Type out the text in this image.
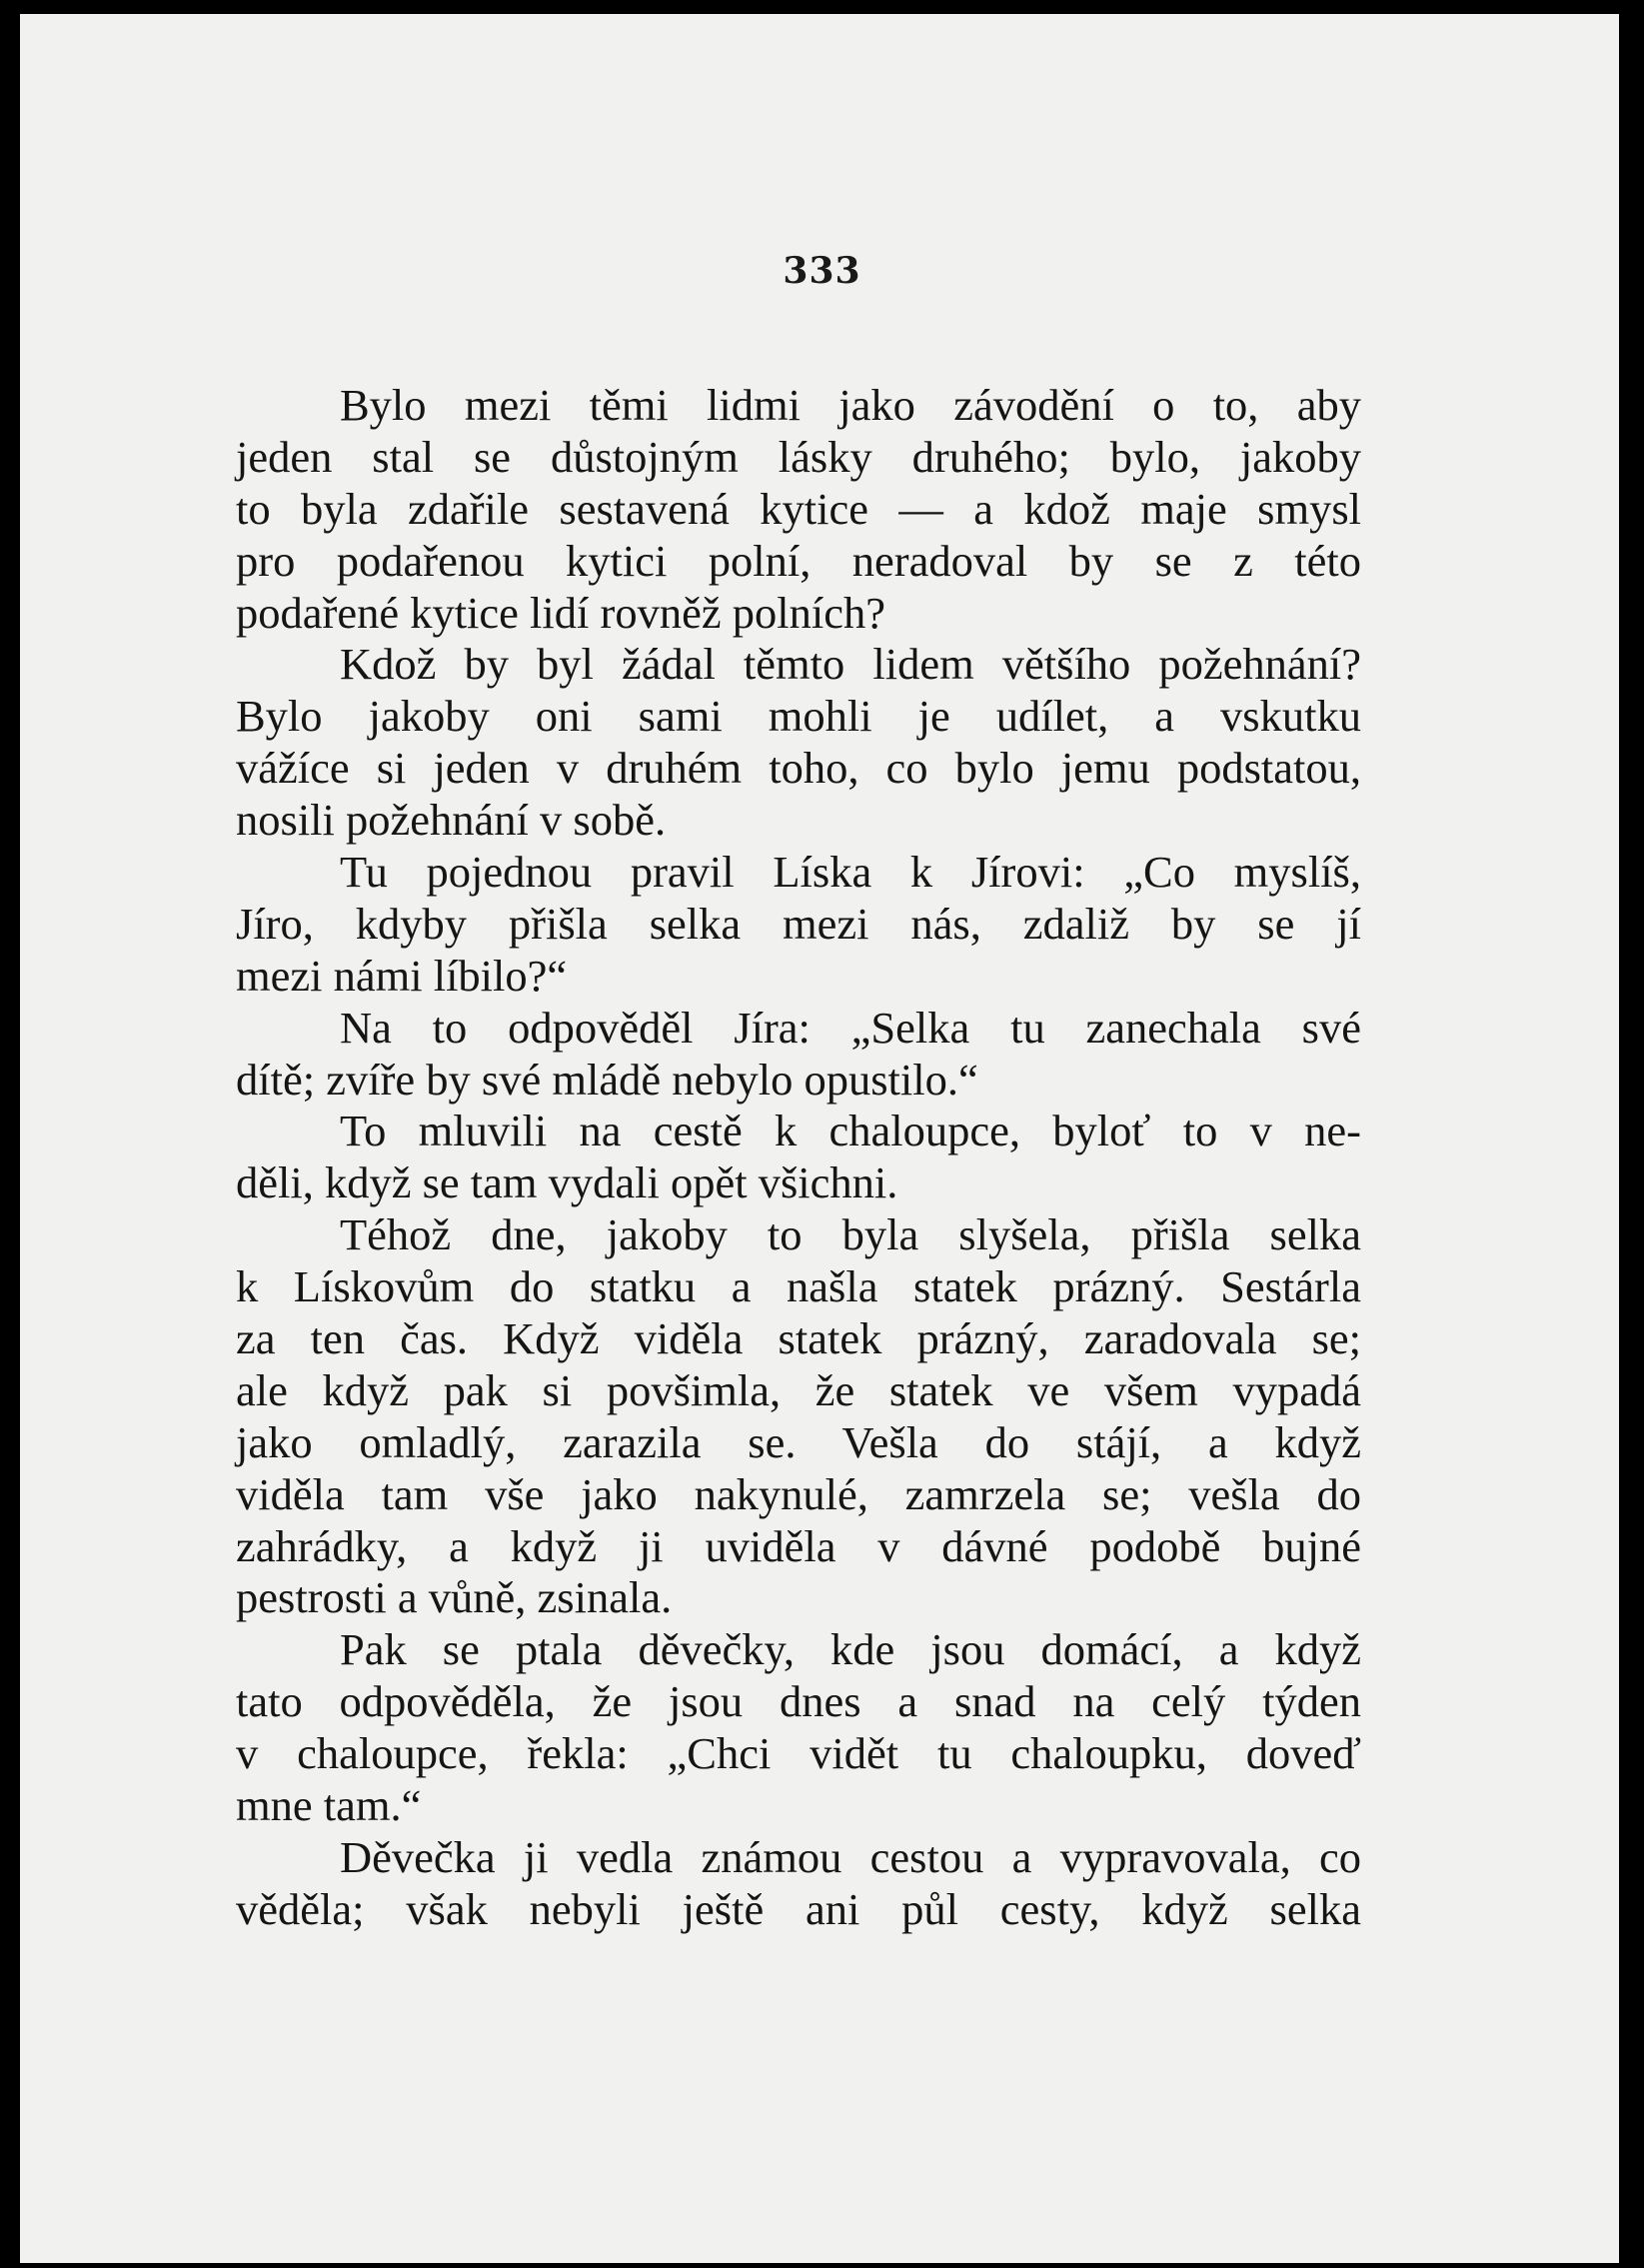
333
Bylo mezi těmi lidmi jako závodění o to, aby
jeden stal se důstojným lásky druhého; bylo, jakoby
to byla zdařile sestavená kytice — a kdož maje smysl
pro podařenou kytici polní, neradoval by se z této
podařené kytice lidí rovněž polních?
Kdož by byl žádal těmto lidem většího požehnání?
Bylo jakoby oni sami mohli je udílet, a vskutku
vážíce si jeden v druhém toho, co bylo jemu podstatou,
nosili požehnání v sobě.
Tu pojednou pravil Líska k Jírovi: „Co myslíš,
Jíro, kdyby přišla selka mezi nás, zdaliž by se jí
mezi námi líbilo?“
Na to odpověděl Jíra: „Selka tu zanechala své
dítě; zvíře by své mládě nebylo opustilo.“
To mluvili na cestě k chaloupce, byloť to v ne-
děli, když se tam vydali opět všichni.
Téhož dne, jakoby to byla slyšela, přišla selka
k Lískovům do statku a našla statek prázný. Sestárla
za ten čas. Když viděla statek prázný, zaradovala se;
ale když pak si povšimla, že statek ve všem vypadá
jako omladlý, zarazila se. Vešla do stájí, a když
viděla tam vše jako nakynulé, zamrzela se; vešla do
zahrádky, a když ji uviděla v dávné podobě bujné
pestrosti a vůně, zsinala.
Pak se ptala děvečky, kde jsou domácí, a když
tato odpověděla, že jsou dnes a snad na celý týden
v chaloupce, řekla: „Chci vidět tu chaloupku, doveď
mne tam.“
Děvečka ji vedla známou cestou a vypravovala, co
věděla; však nebyli ještě ani půl cesty, když selka
